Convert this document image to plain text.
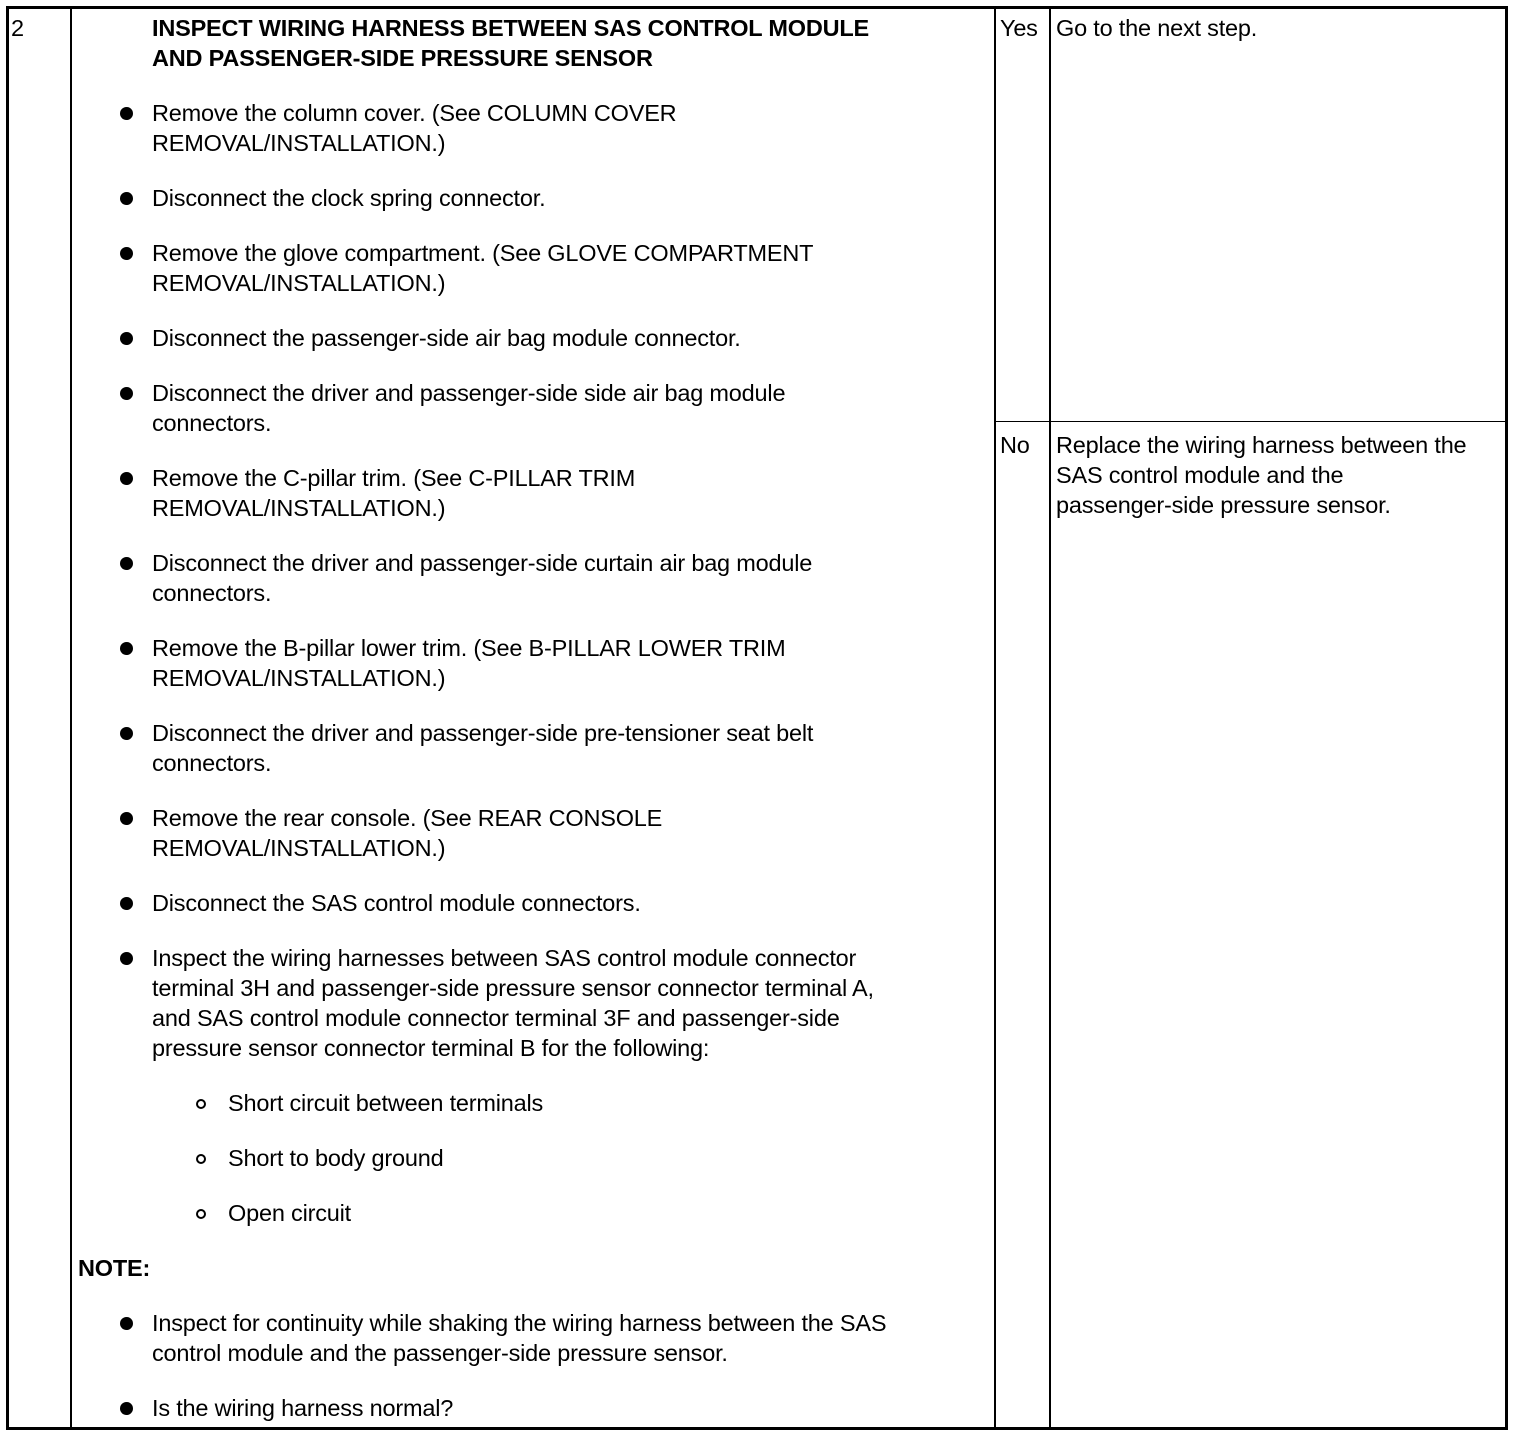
2	INSPECT WIRING HARNESS BETWEEN SAS CONTROL MODULE
AND PASSENGER-SIDE PRESSURE SENSOR
Remove the column cover. (See COLUMN COVER
REMOVAL/INSTALLATION.)
Disconnect the clock spring connector.
Remove the glove compartment. (See GLOVE COMPARTMENT
REMOVAL/INSTALLATION.)
Disconnect the passenger-side air bag module connector.
Disconnect the driver and passenger-side side air bag module
connectors.
Remove the C-pillar trim. (See C-PILLAR TRIM
REMOVAL/INSTALLATION.)
Disconnect the driver and passenger-side curtain air bag module
connectors.
Remove the B-pillar lower trim. (See B-PILLAR LOWER TRIM
REMOVAL/INSTALLATION.)
Disconnect the driver and passenger-side pre-tensioner seat belt
connectors.
Remove the rear console. (See REAR CONSOLE
REMOVAL/INSTALLATION.)
Disconnect the SAS control module connectors.
Inspect the wiring harnesses between SAS control module connector
terminal 3H and passenger-side pressure sensor connector terminal A,
and SAS control module connector terminal 3F and passenger-side
pressure sensor connector terminal B for the following:
Short circuit between terminals
Short to body ground
Open circuit
NOTE:
Inspect for continuity while shaking the wiring harness between the SAS
control module and the passenger-side pressure sensor.
Is the wiring harness normal?
Yes Go to the next step.
No Replace the wiring harness between the
SAS control module and the
passenger-side pressure sensor.
